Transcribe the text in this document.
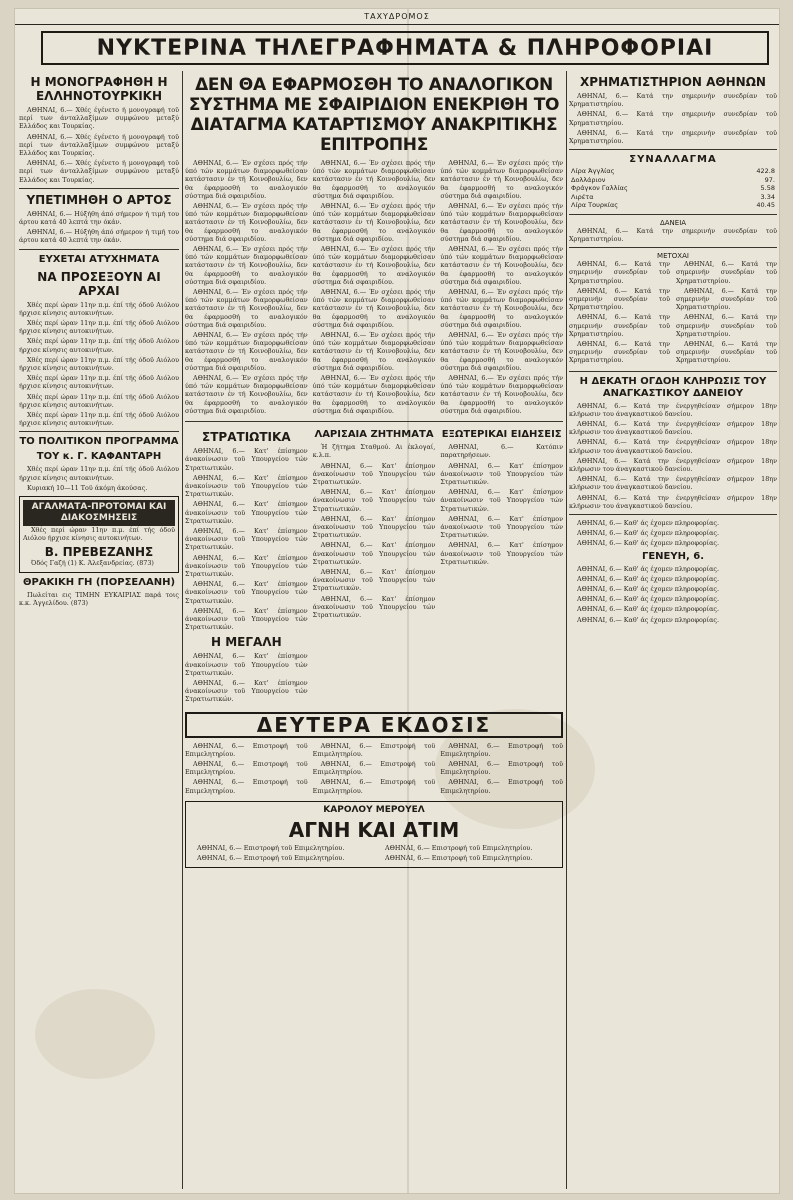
ΤΑΧΥΔΡΟΜΟΣ
ΝΥΚΤΕΡΙΝΑ ΤΗΛΕΓΡΑΦΗΜΑΤΑ & ΠΛΗΡΟΦΟΡΙΑΙ
Η ΜΟΝΟΓΡΑΦΗΘΗ Η ΕΛΛΗΝΟΤΟΥΡΚΙΚΗ

ΑΘΗΝΑΙ, 6.— Χθές έγένετο ή μονογραφή τοϋ περί των άνταλλαξίμων συμφώνου μεταξύ Ελλάδος και Τουρκίας.

ΑΘΗΝΑΙ, 6.— Χθές έγένετο ή μονογραφή τοϋ περί των άνταλλαξίμων συμφώνου μεταξύ Ελλάδος και Τουρκίας.

ΑΘΗΝΑΙ, 6.— Χθές έγένετο ή μονογραφή τοϋ περί των άνταλλαξίμων συμφώνου μεταξύ Ελλάδος και Τουρκίας.

ΥΠΕΤΙΜΗΘΗ Ο ΑΡΤΟΣ

ΑΘΗΝΑΙ, 6.— Ηύξήθη άπό σήμερον ή τιμή του άρτου κατά 40 λεπτά την όκάν.

ΑΘΗΝΑΙ, 6.— Ηύξήθη άπό σήμερον ή τιμή του άρτου κατά 40 λεπτά την όκάν.

ΕΥΧΕΤΑΙ ΑΤΥΧΗΜΑΤΑ
ΝΑ ΠΡΟΣΕΞΟΥΝ ΑΙ ΑΡΧΑΙ

Χθές περί ώραν 11ην π.μ. έπί τής όδοϋ Αιόλου ήρχισε κίνησις αυτοκινήτων.

Χθές περί ώραν 11ην π.μ. έπί τής όδοϋ Αιόλου ήρχισε κίνησις αυτοκινήτων.

Χθές περί ώραν 11ην π.μ. έπί τής όδοϋ Αιόλου ήρχισε κίνησις αυτοκινήτων.

Χθές περί ώραν 11ην π.μ. έπί τής όδοϋ Αιόλου ήρχισε κίνησις αυτοκινήτων.

Χθές περί ώραν 11ην π.μ. έπί τής όδοϋ Αιόλου ήρχισε κίνησις αυτοκινήτων.

Χθές περί ώραν 11ην π.μ. έπί τής όδοϋ Αιόλου ήρχισε κίνησις αυτοκινήτων.

Χθές περί ώραν 11ην π.μ. έπί τής όδοϋ Αιόλου ήρχισε κίνησις αυτοκινήτων.

ΤΟ ΠΟΛΙΤΙΚΟΝ ΠΡΟΓΡΑΜΜΑ
ΤΟΥ κ. Γ. ΚΑΦΑΝΤΑΡΗ

Χθές περί ώραν 11ην π.μ. έπί τής όδοϋ Αιόλου ήρχισε κίνησις αυτοκινήτων.

Κυριακή 10—11 Τοϋ άκόμη άκούσας.

ΑΓΑΛΜΑΤΑ-ΠΡΟΤΟΜΑΙ ΚΑΙ ΔΙΑΚΟΣΜΗΣΕΙΣ

Χθές περί ώραν 11ην π.μ. έπί τής όδοϋ Αιόλου ήρχισε κίνησις αυτοκινήτων.

Β. ΠΡΕΒΕΖΑΝΗΣ

Όδός Γαζή (1) Κ. Άλεξανδρείας. (873)

ΘΡΑΚΙΚΗ ΓΗ (ΠΟΡΣΕΛΑΝΗ)

Πωλείται εις ΤΙΜΗΝ ΕΥΚΑΙΡΙΑΣ παρά τοις κ.κ. Άγγελίδου. (873)

ΔΕΝ ΘΑ ΕΦΑΡΜΟΣΘΗ ΤΟ ΑΝΑΛΟΓΙΚΟΝ ΣΥΣΤΗΜΑ ΜΕ ΣΦΑΙΡΙΔΙΟΝ ΕΝΕΚΡΙΘΗ ΤΟ ΔΙΑΤΑΓΜΑ ΚΑΤΑΡΤΙΣΜΟΥ ΑΝΑΚΡΙΤΙΚΗΣ ΕΠΙΤΡΟΠΗΣ

ΑΘΗΝΑΙ, 6.— Έν σχέσει πρός τήν ύπό τών κομμάτων διαμορφωθείσαν κατάστασιν έν τή Κοινοβουλίω, δεν θα έφαρμοσθή το αναλογικόν σύστημα διά σφαιριδίου.

ΑΘΗΝΑΙ, 6.— Έν σχέσει πρός τήν ύπό τών κομμάτων διαμορφωθείσαν κατάστασιν έν τή Κοινοβουλίω, δεν θα έφαρμοσθή το αναλογικόν σύστημα διά σφαιριδίου.

ΑΘΗΝΑΙ, 6.— Έν σχέσει πρός τήν ύπό τών κομμάτων διαμορφωθείσαν κατάστασιν έν τή Κοινοβουλίω, δεν θα έφαρμοσθή το αναλογικόν σύστημα διά σφαιριδίου.

ΑΘΗΝΑΙ, 6.— Έν σχέσει πρός τήν ύπό τών κομμάτων διαμορφωθείσαν κατάστασιν έν τή Κοινοβουλίω, δεν θα έφαρμοσθή το αναλογικόν σύστημα διά σφαιριδίου.

ΑΘΗΝΑΙ, 6.— Έν σχέσει πρός τήν ύπό τών κομμάτων διαμορφωθείσαν κατάστασιν έν τή Κοινοβουλίω, δεν θα έφαρμοσθή το αναλογικόν σύστημα διά σφαιριδίου.

ΑΘΗΝΑΙ, 6.— Έν σχέσει πρός τήν ύπό τών κομμάτων διαμορφωθείσαν κατάστασιν έν τή Κοινοβουλίω, δεν θα έφαρμοσθή το αναλογικόν σύστημα διά σφαιριδίου.

ΑΘΗΝΑΙ, 6.— Έν σχέσει πρός τήν ύπό τών κομμάτων διαμορφωθείσαν κατάστασιν έν τή Κοινοβουλίω, δεν θα έφαρμοσθή το αναλογικόν σύστημα διά σφαιριδίου.

ΑΘΗΝΑΙ, 6.— Έν σχέσει πρός τήν ύπό τών κομμάτων διαμορφωθείσαν κατάστασιν έν τή Κοινοβουλίω, δεν θα έφαρμοσθή το αναλογικόν σύστημα διά σφαιριδίου.

ΑΘΗΝΑΙ, 6.— Έν σχέσει πρός τήν ύπό τών κομμάτων διαμορφωθείσαν κατάστασιν έν τή Κοινοβουλίω, δεν θα έφαρμοσθή το αναλογικόν σύστημα διά σφαιριδίου.

ΑΘΗΝΑΙ, 6.— Έν σχέσει πρός τήν ύπό τών κομμάτων διαμορφωθείσαν κατάστασιν έν τή Κοινοβουλίω, δεν θα έφαρμοσθή το αναλογικόν σύστημα διά σφαιριδίου.

ΑΘΗΝΑΙ, 6.— Έν σχέσει πρός τήν ύπό τών κομμάτων διαμορφωθείσαν κατάστασιν έν τή Κοινοβουλίω, δεν θα έφαρμοσθή το αναλογικόν σύστημα διά σφαιριδίου.

ΑΘΗΝΑΙ, 6.— Έν σχέσει πρός τήν ύπό τών κομμάτων διαμορφωθείσαν κατάστασιν έν τή Κοινοβουλίω, δεν θα έφαρμοσθή το αναλογικόν σύστημα διά σφαιριδίου.

ΑΘΗΝΑΙ, 6.— Έν σχέσει πρός τήν ύπό τών κομμάτων διαμορφωθείσαν κατάστασιν έν τή Κοινοβουλίω, δεν θα έφαρμοσθή το αναλογικόν σύστημα διά σφαιριδίου.

ΑΘΗΝΑΙ, 6.— Έν σχέσει πρός τήν ύπό τών κομμάτων διαμορφωθείσαν κατάστασιν έν τή Κοινοβουλίω, δεν θα έφαρμοσθή το αναλογικόν σύστημα διά σφαιριδίου.

ΑΘΗΝΑΙ, 6.— Έν σχέσει πρός τήν ύπό τών κομμάτων διαμορφωθείσαν κατάστασιν έν τή Κοινοβουλίω, δεν θα έφαρμοσθή το αναλογικόν σύστημα διά σφαιριδίου.

ΑΘΗΝΑΙ, 6.— Έν σχέσει πρός τήν ύπό τών κομμάτων διαμορφωθείσαν κατάστασιν έν τή Κοινοβουλίω, δεν θα έφαρμοσθή το αναλογικόν σύστημα διά σφαιριδίου.

ΑΘΗΝΑΙ, 6.— Έν σχέσει πρός τήν ύπό τών κομμάτων διαμορφωθείσαν κατάστασιν έν τή Κοινοβουλίω, δεν θα έφαρμοσθή το αναλογικόν σύστημα διά σφαιριδίου.

ΑΘΗΝΑΙ, 6.— Έν σχέσει πρός τήν ύπό τών κομμάτων διαμορφωθείσαν κατάστασιν έν τή Κοινοβουλίω, δεν θα έφαρμοσθή το αναλογικόν σύστημα διά σφαιριδίου.

ΣΤΡΑΤΙΩΤΙΚΑ

ΑΘΗΝΑΙ, 6.— Κατ' έπίσημον άνακοίνωσιν τοϋ Υπουργείου τών Στρατιωτικών.

ΑΘΗΝΑΙ, 6.— Κατ' έπίσημον άνακοίνωσιν τοϋ Υπουργείου τών Στρατιωτικών.

ΑΘΗΝΑΙ, 6.— Κατ' έπίσημον άνακοίνωσιν τοϋ Υπουργείου τών Στρατιωτικών.

ΑΘΗΝΑΙ, 6.— Κατ' έπίσημον άνακοίνωσιν τοϋ Υπουργείου τών Στρατιωτικών.

ΑΘΗΝΑΙ, 6.— Κατ' έπίσημον άνακοίνωσιν τοϋ Υπουργείου τών Στρατιωτικών.

ΑΘΗΝΑΙ, 6.— Κατ' έπίσημον άνακοίνωσιν τοϋ Υπουργείου τών Στρατιωτικών.

ΑΘΗΝΑΙ, 6.— Κατ' έπίσημον άνακοίνωσιν τοϋ Υπουργείου τών Στρατιωτικών.

Η ΜΕΓΑΛΗ

ΑΘΗΝΑΙ, 6.— Κατ' έπίσημον άνακοίνωσιν τοϋ Υπουργείου τών Στρατιωτικών.

ΑΘΗΝΑΙ, 6.— Κατ' έπίσημον άνακοίνωσιν τοϋ Υπουργείου τών Στρατιωτικών.

ΛΑΡΙΣΑΙΑ ΖΗΤΗΜΑΤΑ

Ή ζήτημα Σταθμού. Αι έκλογαί, κ.λ.π.

ΑΘΗΝΑΙ, 6.— Κατ' έπίσημον άνακοίνωσιν τοϋ Υπουργείου τών Στρατιωτικών.

ΑΘΗΝΑΙ, 6.— Κατ' έπίσημον άνακοίνωσιν τοϋ Υπουργείου τών Στρατιωτικών.

ΑΘΗΝΑΙ, 6.— Κατ' έπίσημον άνακοίνωσιν τοϋ Υπουργείου τών Στρατιωτικών.

ΑΘΗΝΑΙ, 6.— Κατ' έπίσημον άνακοίνωσιν τοϋ Υπουργείου τών Στρατιωτικών.

ΑΘΗΝΑΙ, 6.— Κατ' έπίσημον άνακοίνωσιν τοϋ Υπουργείου τών Στρατιωτικών.

ΑΘΗΝΑΙ, 6.— Κατ' έπίσημον άνακοίνωσιν τοϋ Υπουργείου τών Στρατιωτικών.

ΕΞΩΤΕΡΙΚΑΙ ΕΙΔΗΣΕΙΣ

ΑΘΗΝΑΙ, 6.— Κατόπιν παρατηρήσεων.

ΑΘΗΝΑΙ, 6.— Κατ' έπίσημον άνακοίνωσιν τοϋ Υπουργείου τών Στρατιωτικών.

ΑΘΗΝΑΙ, 6.— Κατ' έπίσημον άνακοίνωσιν τοϋ Υπουργείου τών Στρατιωτικών.

ΑΘΗΝΑΙ, 6.— Κατ' έπίσημον άνακοίνωσιν τοϋ Υπουργείου τών Στρατιωτικών.

ΑΘΗΝΑΙ, 6.— Κατ' έπίσημον άνακοίνωσιν τοϋ Υπουργείου τών Στρατιωτικών.

ΔΕΥΤΕΡΑ ΕΚΔΟΣΙΣ

ΑΘΗΝΑΙ, 6.— Επιστροφή τοϋ Επιμελητηρίου.

ΑΘΗΝΑΙ, 6.— Επιστροφή τοϋ Επιμελητηρίου.

ΑΘΗΝΑΙ, 6.— Επιστροφή τοϋ Επιμελητηρίου.

ΑΘΗΝΑΙ, 6.— Επιστροφή τοϋ Επιμελητηρίου.

ΑΘΗΝΑΙ, 6.— Επιστροφή τοϋ Επιμελητηρίου.

ΑΘΗΝΑΙ, 6.— Επιστροφή τοϋ Επιμελητηρίου.

ΑΘΗΝΑΙ, 6.— Επιστροφή τοϋ Επιμελητηρίου.

ΑΘΗΝΑΙ, 6.— Επιστροφή τοϋ Επιμελητηρίου.

ΑΘΗΝΑΙ, 6.— Επιστροφή τοϋ Επιμελητηρίου.

ΚΑΡΟΛΟΥ ΜΕΡΟΥΕΛ
ΑΓΝΗ ΚΑΙ ΑΤΙΜ

ΑΘΗΝΑΙ, 6.— Επιστροφή τοϋ Επιμελητηρίου.

ΑΘΗΝΑΙ, 6.— Επιστροφή τοϋ Επιμελητηρίου.

ΑΘΗΝΑΙ, 6.— Επιστροφή τοϋ Επιμελητηρίου.

ΑΘΗΝΑΙ, 6.— Επιστροφή τοϋ Επιμελητηρίου.

ΧΡΗΜΑΤΙΣΤΗΡΙΟΝ ΑΘΗΝΩΝ

ΑΘΗΝΑΙ, 6.— Κατά την σημερινήν συνεδρίαν τοϋ Χρηματιστηρίου.

ΑΘΗΝΑΙ, 6.— Κατά την σημερινήν συνεδρίαν τοϋ Χρηματιστηρίου.

ΑΘΗΝΑΙ, 6.— Κατά την σημερινήν συνεδρίαν τοϋ Χρηματιστηρίου.

ΣΥΝΑΛΛΑΓΜΑ
Λίρα Άγγλίας	422.8
Δολλάριον	97.
Φράγκον Γαλλίας	5.58
Λιρέτα	3.34
Λίρα Τουρκίας	40.45
ΔΑΝΕΙΑ

ΑΘΗΝΑΙ, 6.— Κατά την σημερινήν συνεδρίαν τοϋ Χρηματιστηρίου.

ΜΕΤΟΧΑΙ

ΑΘΗΝΑΙ, 6.— Κατά την σημερινήν συνεδρίαν τοϋ Χρηματιστηρίου.

ΑΘΗΝΑΙ, 6.— Κατά την σημερινήν συνεδρίαν τοϋ Χρηματιστηρίου.

ΑΘΗΝΑΙ, 6.— Κατά την σημερινήν συνεδρίαν τοϋ Χρηματιστηρίου.

ΑΘΗΝΑΙ, 6.— Κατά την σημερινήν συνεδρίαν τοϋ Χρηματιστηρίου.

ΑΘΗΝΑΙ, 6.— Κατά την σημερινήν συνεδρίαν τοϋ Χρηματιστηρίου.

ΑΘΗΝΑΙ, 6.— Κατά την σημερινήν συνεδρίαν τοϋ Χρηματιστηρίου.

ΑΘΗΝΑΙ, 6.— Κατά την σημερινήν συνεδρίαν τοϋ Χρηματιστηρίου.

ΑΘΗΝΑΙ, 6.— Κατά την σημερινήν συνεδρίαν τοϋ Χρηματιστηρίου.

Η ΔΕΚΑΤΗ ΟΓΔΟΗ ΚΛΗΡΩΣΙΣ ΤΟΥ ΑΝΑΓΚΑΣΤΙΚΟΥ ΔΑΝΕΙΟΥ

ΑΘΗΝΑΙ, 6.— Κατά την ένεργηθείσαν σήμερον 18ην κλήρωσιν του άναγκαστικού δανείου.

ΑΘΗΝΑΙ, 6.— Κατά την ένεργηθείσαν σήμερον 18ην κλήρωσιν του άναγκαστικού δανείου.

ΑΘΗΝΑΙ, 6.— Κατά την ένεργηθείσαν σήμερον 18ην κλήρωσιν του άναγκαστικού δανείου.

ΑΘΗΝΑΙ, 6.— Κατά την ένεργηθείσαν σήμερον 18ην κλήρωσιν του άναγκαστικού δανείου.

ΑΘΗΝΑΙ, 6.— Κατά την ένεργηθείσαν σήμερον 18ην κλήρωσιν του άναγκαστικού δανείου.

ΑΘΗΝΑΙ, 6.— Κατά την ένεργηθείσαν σήμερον 18ην κλήρωσιν του άναγκαστικού δανείου.

ΑΘΗΝΑΙ, 6.— Καθ' άς έχομεν πληροφορίας.

ΑΘΗΝΑΙ, 6.— Καθ' άς έχομεν πληροφορίας.

ΑΘΗΝΑΙ, 6.— Καθ' άς έχομεν πληροφορίας.

ΓΕΝΕΥΗ, 6.

ΑΘΗΝΑΙ, 6.— Καθ' άς έχομεν πληροφορίας.

ΑΘΗΝΑΙ, 6.— Καθ' άς έχομεν πληροφορίας.

ΑΘΗΝΑΙ, 6.— Καθ' άς έχομεν πληροφορίας.

ΑΘΗΝΑΙ, 6.— Καθ' άς έχομεν πληροφορίας.

ΑΘΗΝΑΙ, 6.— Καθ' άς έχομεν πληροφορίας.

ΑΘΗΝΑΙ, 6.— Καθ' άς έχομεν πληροφορίας.
